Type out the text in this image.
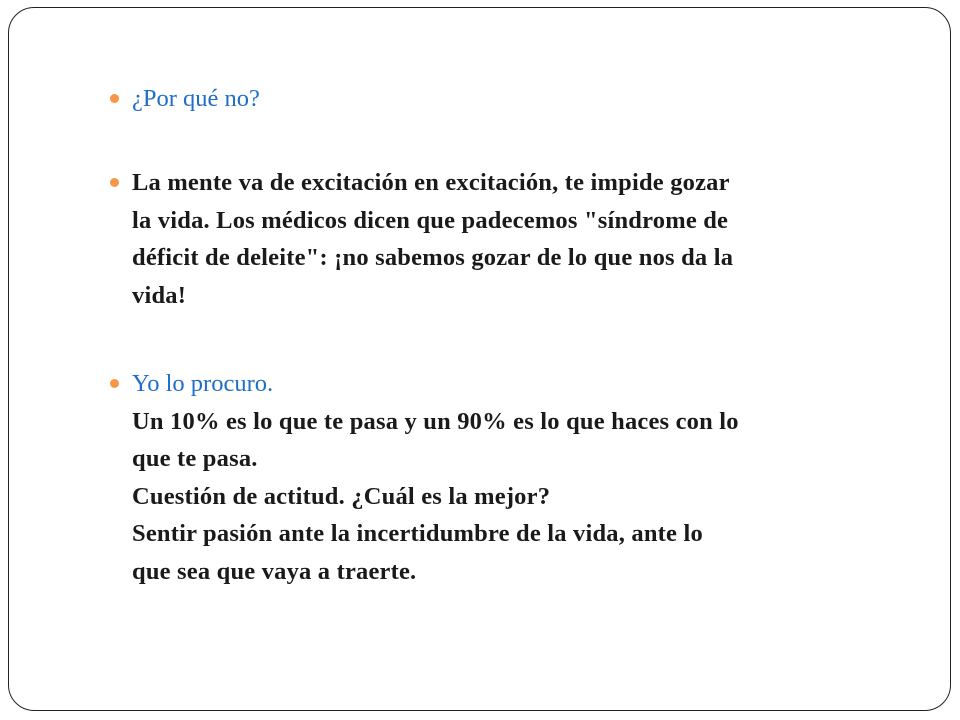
¿Por qué no?
La mente va de excitación en excitación, te impide gozar
la vida. Los médicos dicen que padecemos "síndrome de
déficit de deleite": ¡no sabemos gozar de lo que nos da la
vida!
Yo lo procuro.
Un 10% es lo que te pasa y un 90% es lo que haces con lo
que te pasa.
Cuestión de actitud. ¿Cuál es la mejor?
Sentir pasión ante la incertidumbre de la vida, ante lo
que sea que vaya a traerte.
